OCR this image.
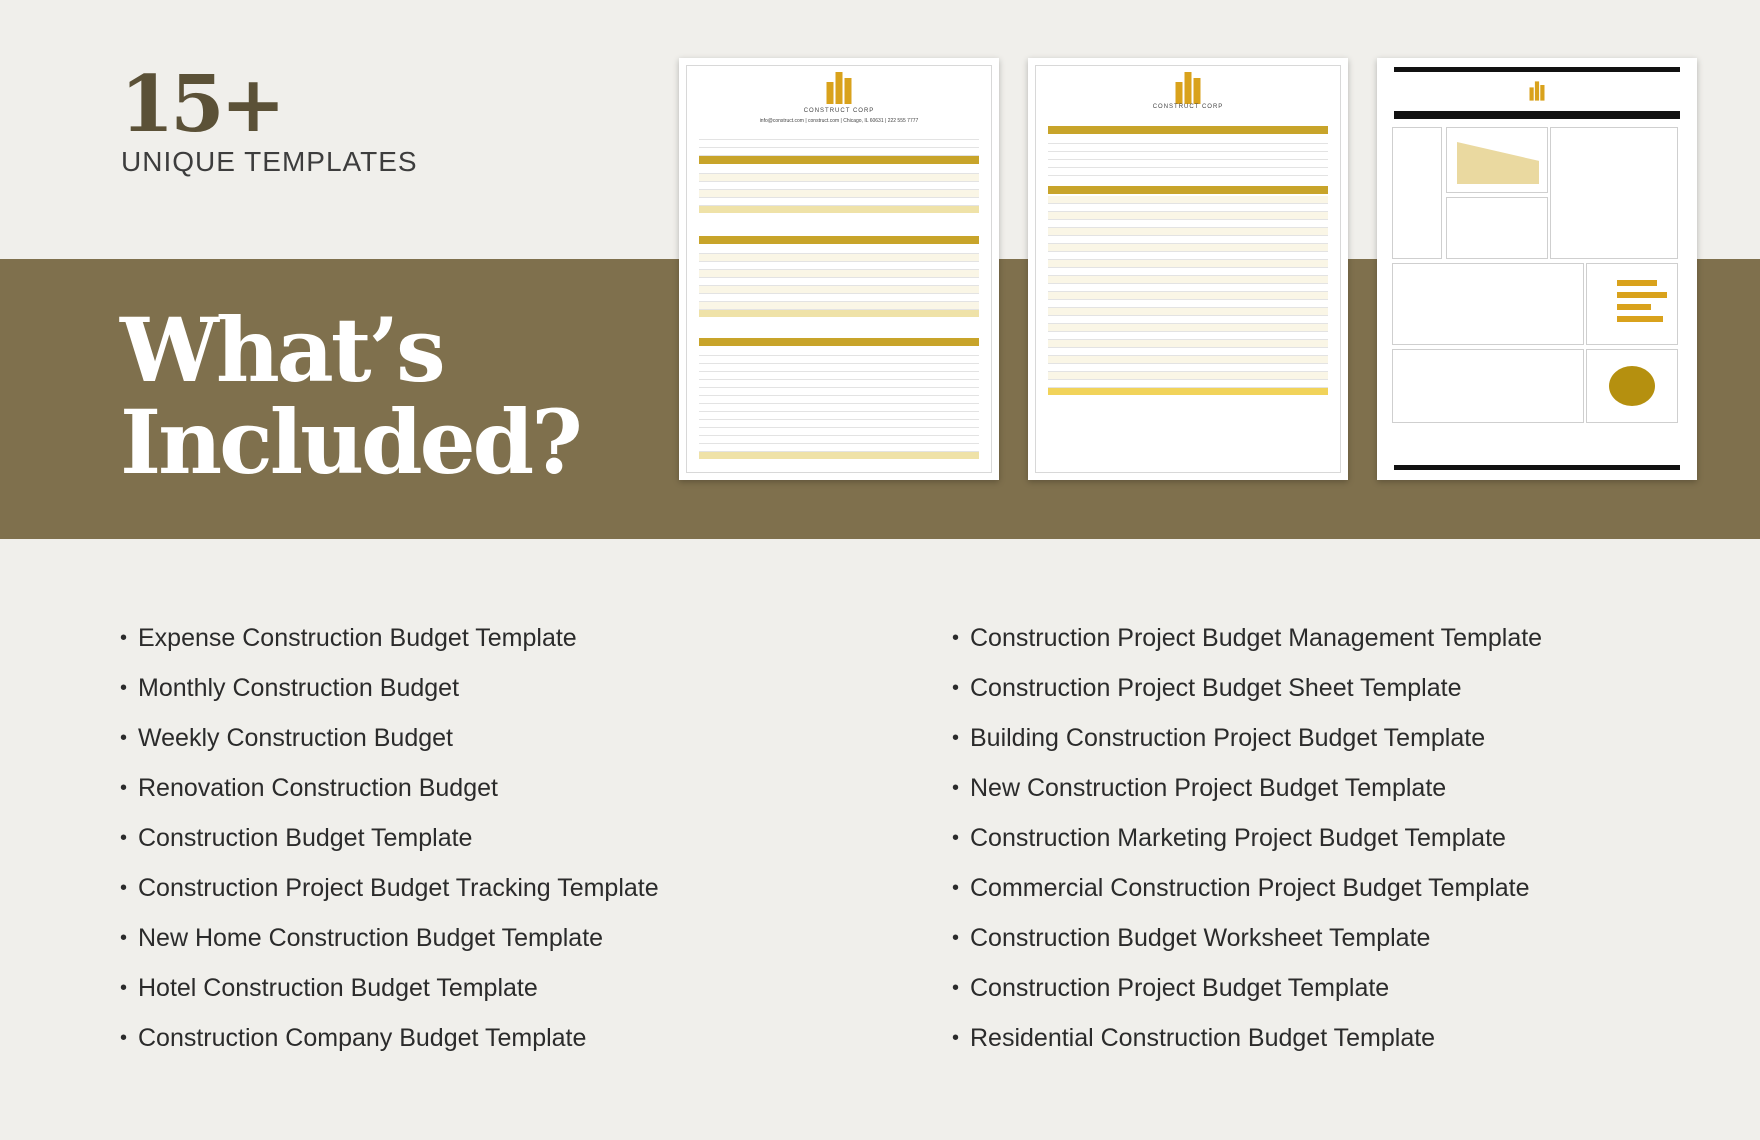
15+
UNIQUE TEMPLATES
What’s
Included?
CONSTRUCT CORP
info@construct.com | construct.com | Chicago, IL 60631 | 222 555 7777
CONSTRUCT CORP
• Expense Construction Budget Template
• Monthly Construction Budget
• Weekly Construction Budget
• Renovation Construction Budget
• Construction Budget Template
• Construction Project Budget Tracking Template
• New Home Construction Budget Template
• Hotel Construction Budget Template
• Construction Company Budget Template
• Construction Project Budget Management Template
• Construction Project Budget Sheet Template
• Building Construction Project Budget Template
• New Construction Project Budget Template
• Construction Marketing Project Budget Template
• Commercial Construction Project Budget Template
• Construction Budget Worksheet Template
• Construction Project Budget Template
• Residential Construction Budget Template
